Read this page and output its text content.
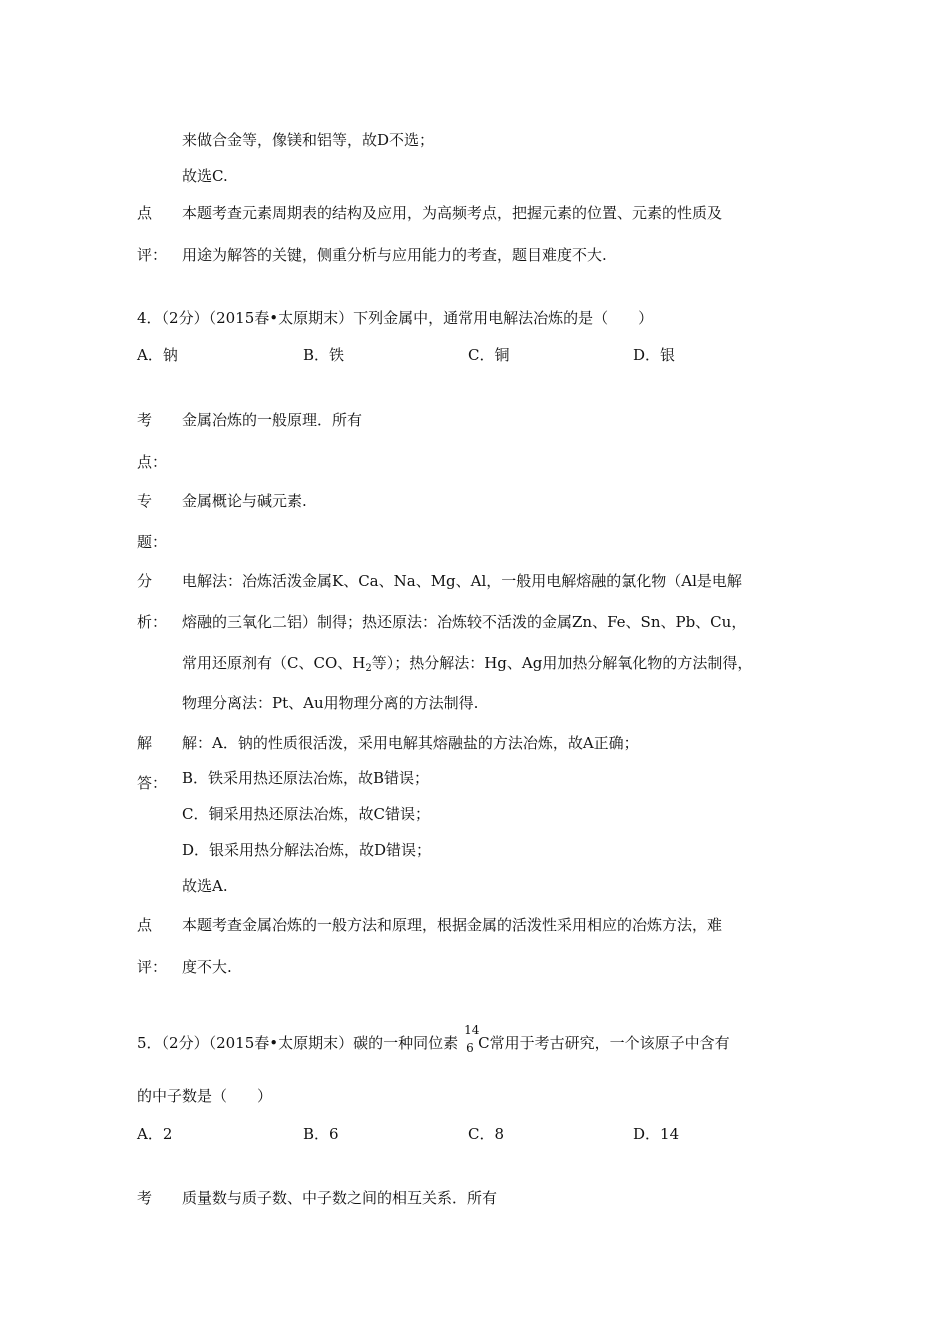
来做合金等，像镁和铝等，故D不选；
故选C.
点 本题考查元素周期表的结构及应用，为高频考点，把握元素的位置、元素的性质及
评： 用途为解答的关键，侧重分析与应用能力的考查，题目难度不大.
4．（2分）（2015春•太原期末）下列金属中，通常用电解法冶炼的是（　　）
A．钠	B．铁	C．铜	D．银
考 金属冶炼的一般原理．所有
点：
专 金属概论与碱元素.
题：
分 电解法：冶炼活泼金属K、Ca、Na、Mg、Al，一般用电解熔融的氯化物（Al是电解
析： 熔融的三氧化二铝）制得；热还原法：冶炼较不活泼的金属Zn、Fe、Sn、Pb、Cu，
常用还原剂有（C、CO、$H_2$等）；热分解法：Hg、Ag用加热分解氧化物的方法制得，
物理分离法：Pt、Au用物理分离的方法制得.
解 解：A．钠的性质很活泼，采用电解其熔融盐的方法冶炼，故A正确；
答： B．铁采用热还原法冶炼，故B错误；
C．铜采用热还原法冶炼，故C错误；
D．银采用热分解法冶炼，故D错误；
故选A.
点 本题考查金属冶炼的一般方法和原理，根据金属的活泼性采用相应的冶炼方法，难
评： 度不大.
5．（2分）（2015春•太原期末）碳的一种同位素
14
6 C常用于考古研究，一个该原子中含有
的中子数是（　　）
A．2	B．6	C．8	D．14
考 质量数与质子数、中子数之间的相互关系．所有
